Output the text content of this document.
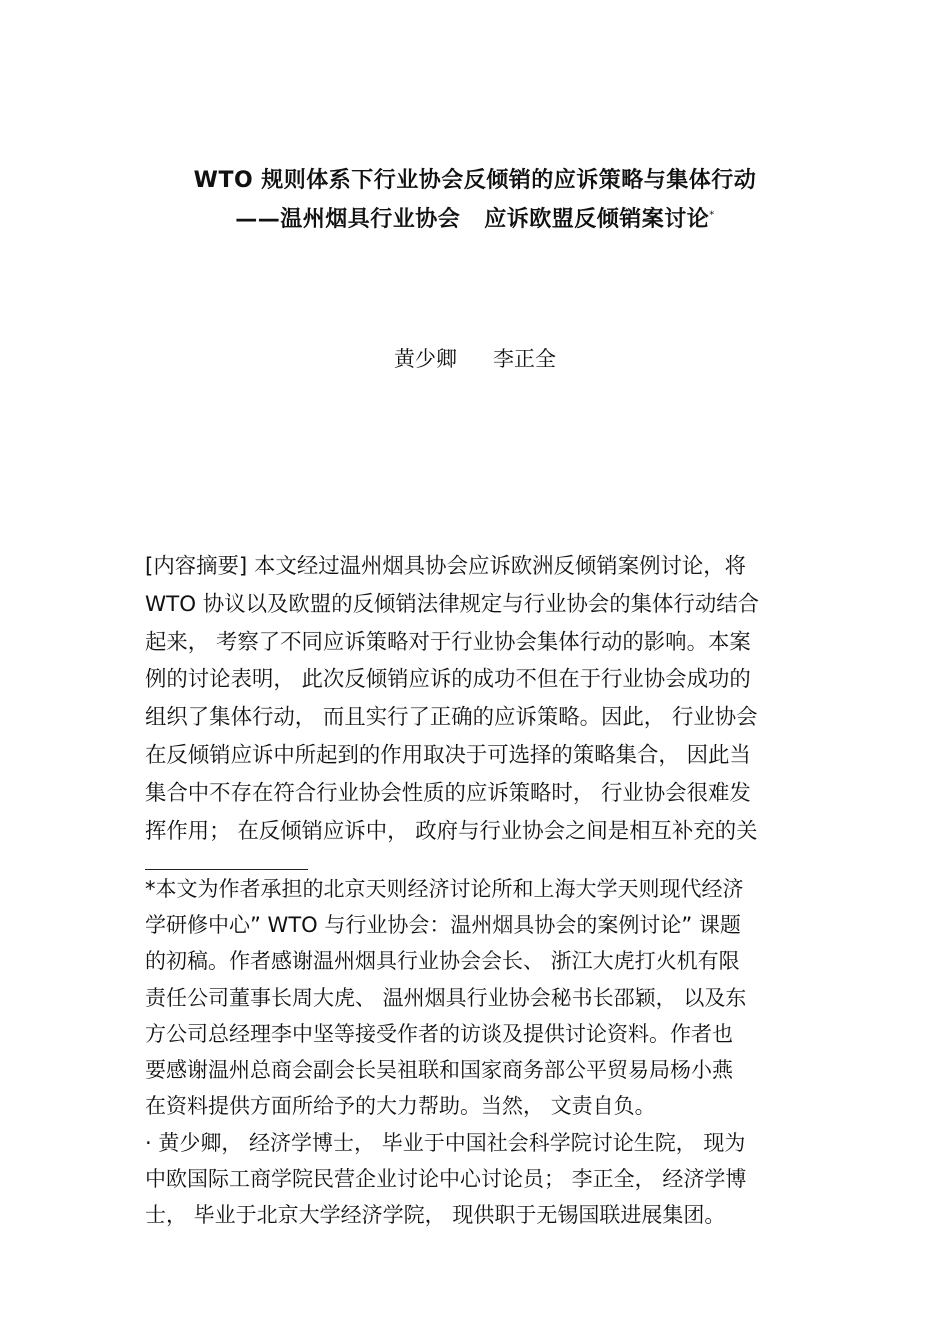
WTO 规则体系下行业协会反倾销的应诉策略与集体行动
——温州烟具行业协会 应诉欧盟反倾销案讨论*
黄少卿 李正全
[内容摘要] 本文经过温州烟具协会应诉欧洲反倾销案例讨论，将
WTO 协议以及欧盟的反倾销法律规定与行业协会的集体行动结合
起来， 考察了不同应诉策略对于行业协会集体行动的影响。本案
例的讨论表明， 此次反倾销应诉的成功不但在于行业协会成功的
组织了集体行动， 而且实行了正确的应诉策略。因此， 行业协会
在反倾销应诉中所起到的作用取决于可选择的策略集合， 因此当
集合中不存在符合行业协会性质的应诉策略时， 行业协会很难发
挥作用； 在反倾销应诉中， 政府与行业协会之间是相互补充的关
*本文为作者承担的北京天则经济讨论所和上海大学天则现代经济
学研修中心” WTO 与行业协会：温州烟具协会的案例讨论” 课题
的初稿。作者感谢温州烟具行业协会会长、 浙江大虎打火机有限
责任公司董事长周大虎、 温州烟具行业协会秘书长邵颖， 以及东
方公司总经理李中坚等接受作者的访谈及提供讨论资料。作者也
要感谢温州总商会副会长吴祖联和国家商务部公平贸易局杨小燕
在资料提供方面所给予的大力帮助。当然， 文责自负。
· 黄少卿， 经济学博士， 毕业于中国社会科学院讨论生院， 现为
中欧国际工商学院民营企业讨论中心讨论员； 李正全， 经济学博
士， 毕业于北京大学经济学院， 现供职于无锡国联进展集团。
